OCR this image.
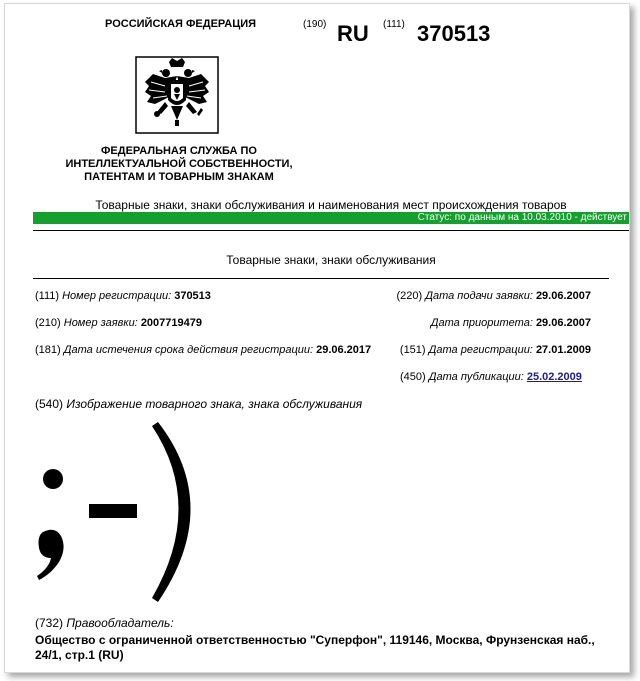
РОССИЙСКАЯ ФЕДЕРАЦИЯ	(190) RU (111) 370513
ФЕДЕРАЛЬНАЯ СЛУЖБА ПО ИНТЕЛЛЕКТУАЛЬНОЙ СОБСТВЕННОСТИ, ПАТЕНТАМ И ТОВАРНЫМ ЗНАКАМ
Товарные знаки, знаки обслуживания и наименования мест происхождения товаров
Статус: по данным на 10.03.2010 - действует
Товарные знаки, знаки обслуживания
(111) Номер регистрации: 370513
(210) Номер заявки: 2007719479
(181) Дата истечения срока действия регистрации: 29.06.2017
(220) Дата подачи заявки: 29.06.2007
Дата приоритета: 29.06.2007
(151) Дата регистрации: 27.01.2009
(450) Дата публикации: 25.02.2009
(540) Изображение товарного знака, знака обслуживания
(732) Правообладатель:
Общество с ограниченной ответственностью "Суперфон", 119146, Москва, Фрунзенская наб., 24/1, стр.1 (RU)
